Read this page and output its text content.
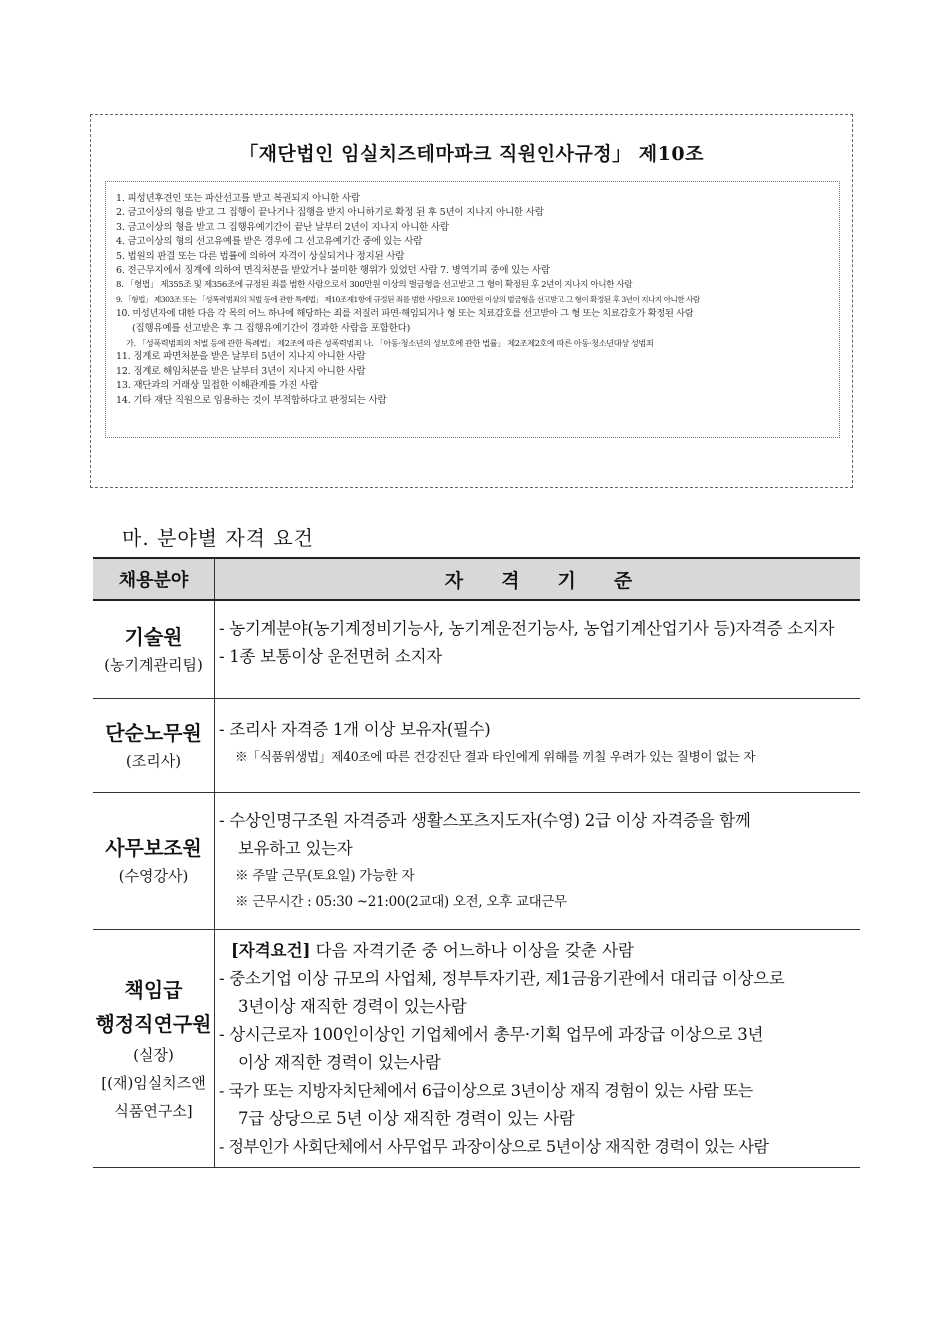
「재단법인 임실치즈테마파크 직원인사규정」 제10조
1. 피성년후견인 또는 파산선고를 받고 복권되지 아니한 사람
2. 금고이상의 형을 받고 그 집행이 끝나거나 집행을 받지 아니하기로 확정 된 후 5년이 지나지 아니한 사람
3. 금고이상의 형을 받고 그 집행유예기간이 끝난 날부터 2년이 지나지 아니한 사람
4. 금고이상의 형의 선고유예를 받은 경우에 그 선고유예기간 중에 있는 사람
5. 법원의 판결 또는 다른 법률에 의하여 자격이 상실되거나 정지된 사람
6. 전근무지에서 징계에 의하여 면직처분을 받았거나 불미한 행위가 있었던 사람 7. 병역기피 중에 있는 사람
8. 「형법」 제355조 및 제356조에 규정된 죄를 범한 사람으로서 300만원 이상의 벌금형을 선고받고 그 형이 확정된 후 2년이 지나지 아니한 사람
9. 「형법」 제303조 또는 「성폭력범죄의 처벌 등에 관한 특례법」 제10조제1항에 규정된 죄를 범한 사람으로 100만원 이상의 벌금형을 선고받고 그 형이 확정된 후 3년이 지나지 아니한 사람
10. 미성년자에 대한 다음 각 목의 어느 하나에 해당하는 죄를 저질러 파면·해임되거나 형 또는 치료감호를 선고받아 그 형 또는 치료감호가 확정된 사람
(집행유예를 선고받은 후 그 집행유예기간이 경과한 사람을 포함한다)
가. 「성폭력범죄의 처벌 등에 관한 특례법」 제2조에 따른 성폭력범죄 나. 「아동·청소년의 성보호에 관한 법률」 제2조제2호에 따른 아동·청소년대상 성범죄
11. 징계로 파면처분을 받은 날부터 5년이 지나지 아니한 사람
12. 징계로 해임처분을 받은 날부터 3년이 지나지 아니한 사람
13. 재단과의 거래상 밀접한 이해관계를 가진 사람
14. 기타 재단 직원으로 임용하는 것이 부적합하다고 판정되는 사람
마. 분야별 자격 요건
채용분야	자격기준
기술원
(농기계관리팀)
- 농기계분야(농기계정비기능사, 농기계운전기능사, 농업기계산업기사 등)자격증 소지자
- 1종 보통이상 운전면허 소지자
단순노무원
(조리사)
- 조리사 자격증 1개 이상 보유자(필수)
※「식품위생법」제40조에 따른 건강진단 결과 타인에게 위해를 끼칠 우려가 있는 질병이 없는 자
사무보조원
(수영강사)
- 수상인명구조원 자격증과 생활스포츠지도자(수영) 2급 이상 자격증을 함께
보유하고 있는자
※ 주말 근무(토요일) 가능한 자
※ 근무시간 : 05:30 ~21:00(2교대) 오전, 오후 교대근무
책임급
행정직연구원
(실장)
[(재)임실치즈앤
식품연구소]
[자격요건] 다음 자격기준 중 어느하나 이상을 갖춘 사람
- 중소기업 이상 규모의 사업체, 정부투자기관, 제1금융기관에서 대리급 이상으로
3년이상 재직한 경력이 있는사람
- 상시근로자 100인이상인 기업체에서 총무·기획 업무에 과장급 이상으로 3년
이상 재직한 경력이 있는사람
- 국가 또는 지방자치단체에서 6급이상으로 3년이상 재직 경험이 있는 사람 또는
7급 상당으로 5년 이상 재직한 경력이 있는 사람
- 정부인가 사회단체에서 사무업무 과장이상으로 5년이상 재직한 경력이 있는 사람
